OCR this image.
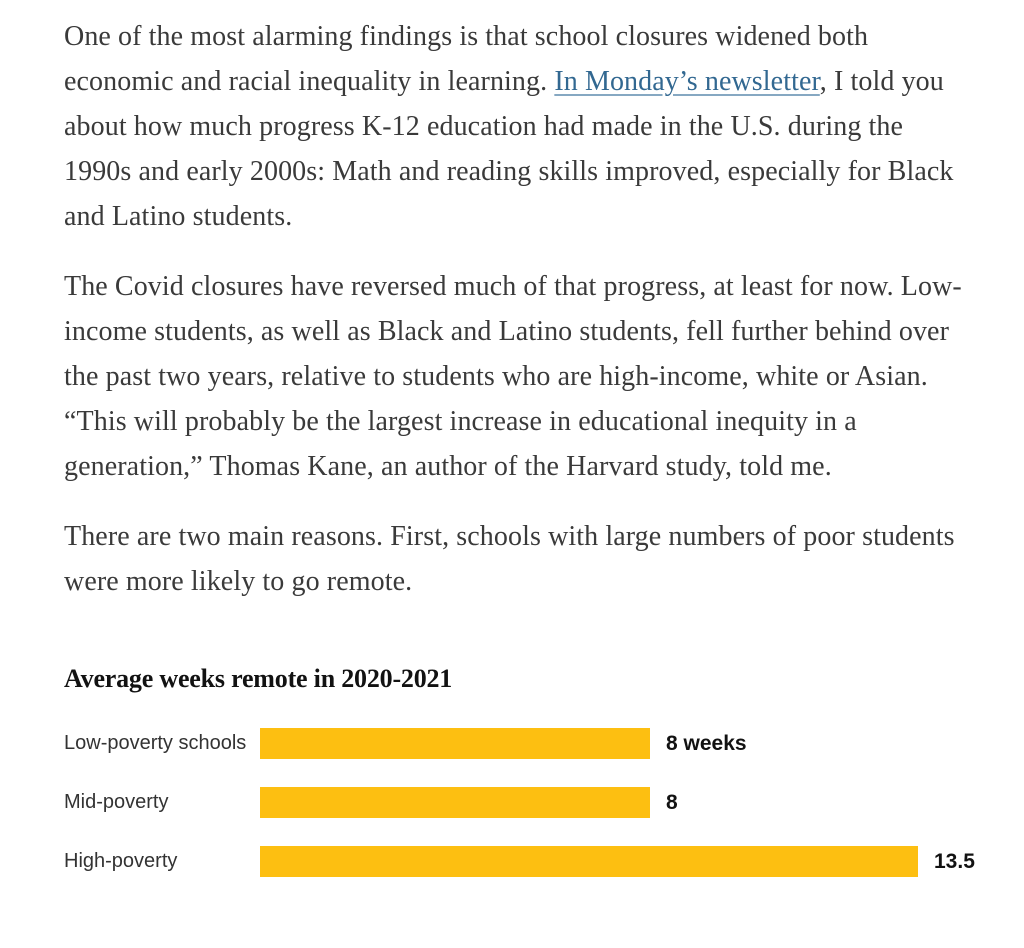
One of the most alarming findings is that school closures widened both economic and racial inequality in learning. In Monday’s newsletter, I told you about how much progress K-12 education had made in the U.S. during the 1990s and early 2000s: Math and reading skills improved, especially for Black and Latino students.

The Covid closures have reversed much of that progress, at least for now. Low-income students, as well as Black and Latino students, fell further behind over the past two years, relative to students who are high-income, white or Asian. “This will probably be the largest increase in educational inequity in a generation,” Thomas Kane, an author of the Harvard study, told me.

There are two main reasons. First, schools with large numbers of poor students were more likely to go remote.

Average weeks remote in 2020-2021
Low-poverty schools	8 weeks
Mid-poverty	8
High-poverty	13.5
